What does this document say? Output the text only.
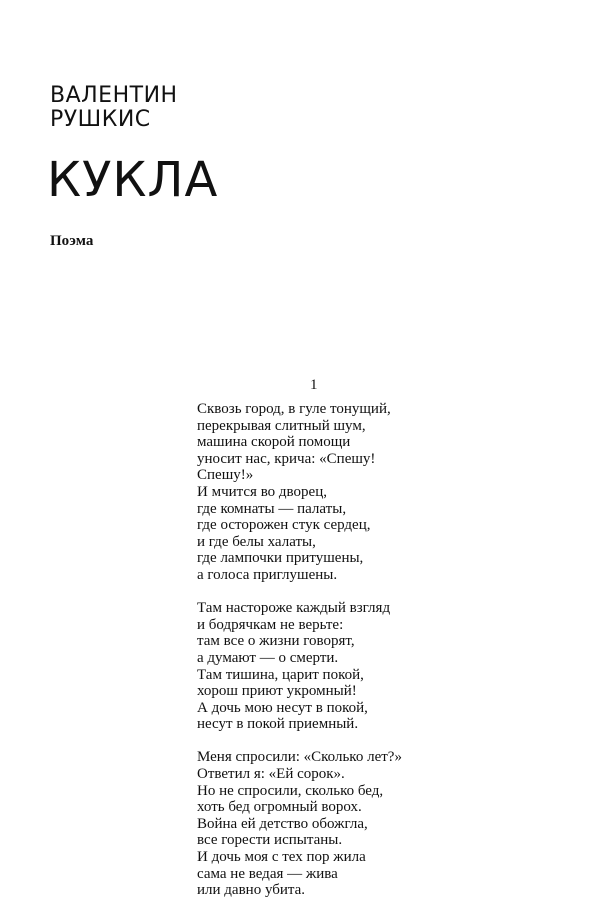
ВАЛЕНТИН
РУШКИС
КУКЛА
Поэма
1
Сквозь город, в гуле тонущий,
перекрывая слитный шум,
машина скорой помощи
уносит нас, крича: «Спешу!
Спешу!»
И мчится во дворец,
где комнаты — палаты,
где осторожен стук сердец,
и где белы халаты,
где лампочки притушены,
а голоса приглушены.
Там настороже каждый взгляд
и бодрячкам не верьте:
там все о жизни говорят,
а думают — о смерти.
Там тишина, царит покой,
хорош приют укромный!
А дочь мою несут в покой,
несут в покой приемный.
Меня спросили: «Сколько лет?»
Ответил я: «Ей сорок».
Но не спросили, сколько бед,
хоть бед огромный ворох.
Война ей детство обожгла,
все горести испытаны.
И дочь моя с тех пор жила
сама не ведая — жива
или давно убита.
